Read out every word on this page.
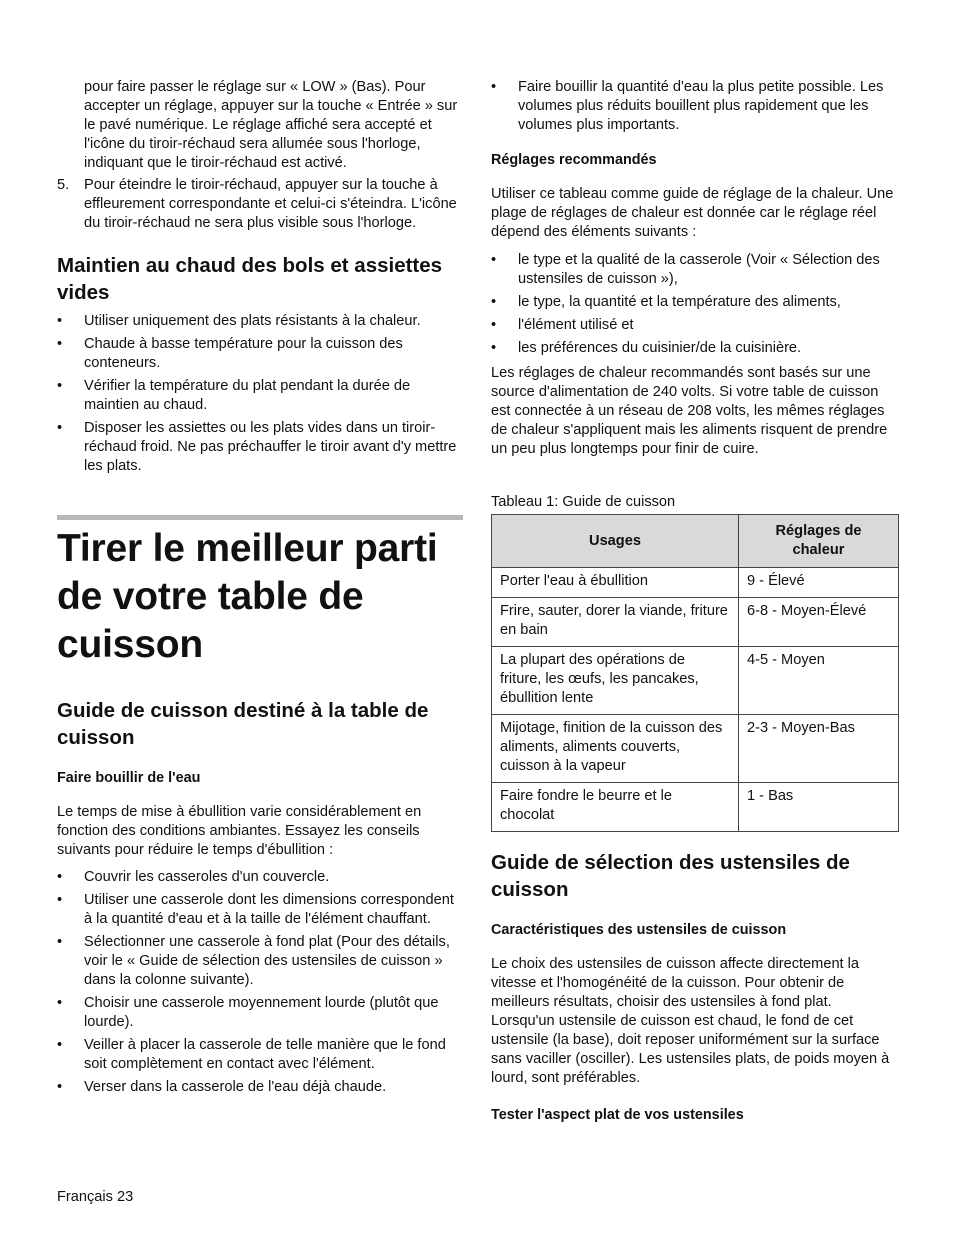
pour faire passer le réglage sur « LOW » (Bas). Pour accepter un réglage, appuyer sur la touche « Entrée » sur le pavé numérique. Le réglage affiché sera accepté et l'icône du tiroir-réchaud sera allumée sous l'horloge, indiquant que le tiroir-réchaud est activé.

5. Pour éteindre le tiroir-réchaud, appuyer sur la touche à effleurement correspondante et celui-ci s'éteindra. L'icône du tiroir-réchaud ne sera plus visible sous l'horloge.
Maintien au chaud des bols et assiettes vides
• Utiliser uniquement des plats résistants à la chaleur.
• Chaude à basse température pour la cuisson des conteneurs.
• Vérifier la température du plat pendant la durée de maintien au chaud.
• Disposer les assiettes ou les plats vides dans un tiroir-réchaud froid. Ne pas préchauffer le tiroir avant d'y mettre les plats.
Tirer le meilleur parti de votre table de cuisson
Guide de cuisson destiné à la table de cuisson
Faire bouillir de l'eau

Le temps de mise à ébullition varie considérablement en fonction des conditions ambiantes. Essayez les conseils suivants pour réduire le temps d'ébullition :

• Couvrir les casseroles d'un couvercle.
• Utiliser une casserole dont les dimensions correspondent à la quantité d'eau et à la taille de l'élément chauffant.
• Sélectionner une casserole à fond plat (Pour des détails, voir le « Guide de sélection des ustensiles de cuisson » dans la colonne suivante).
• Choisir une casserole moyennement lourde (plutôt que lourde).
• Veiller à placer la casserole de telle manière que le fond soit complètement en contact avec l'élément.
• Verser dans la casserole de l'eau déjà chaude.
• Faire bouillir la quantité d'eau la plus petite possible. Les volumes plus réduits bouillent plus rapidement que les volumes plus importants.
Réglages recommandés

Utiliser ce tableau comme guide de réglage de la chaleur. Une plage de réglages de chaleur est donnée car le réglage réel dépend des éléments suivants :

• le type et la qualité de la casserole (Voir « Sélection des ustensiles de cuisson »),
• le type, la quantité et la température des aliments,
• l'élément utilisé et
• les préférences du cuisinier/de la cuisinière.

Les réglages de chaleur recommandés sont basés sur une source d'alimentation de 240 volts. Si votre table de cuisson est connectée à un réseau de 208 volts, les mêmes réglages de chaleur s'appliquent mais les aliments risquent de prendre un peu plus longtemps pour finir de cuire.

Tableau 1: Guide de cuisson

Usages	Réglages de chaleur
Porter l'eau à ébullition	9 - Élevé
Frire, sauter, dorer la viande, friture en bain	6-8 - Moyen-Élevé
La plupart des opérations de friture, les œufs, les pancakes, ébullition lente	4-5 - Moyen
Mijotage, finition de la cuisson des aliments, aliments couverts, cuisson à la vapeur	2-3 - Moyen-Bas
Faire fondre le beurre et le chocolat	1 - Bas
Guide de sélection des ustensiles de cuisson
Caractéristiques des ustensiles de cuisson

Le choix des ustensiles de cuisson affecte directement la vitesse et l'homogénéité de la cuisson. Pour obtenir de meilleurs résultats, choisir des ustensiles à fond plat. Lorsqu'un ustensile de cuisson est chaud, le fond de cet ustensile (la base), doit reposer uniformément sur la surface sans vaciller (osciller). Les ustensiles plats, de poids moyen à lourd, sont préférables.

Tester l'aspect plat de vos ustensiles
Français 23
